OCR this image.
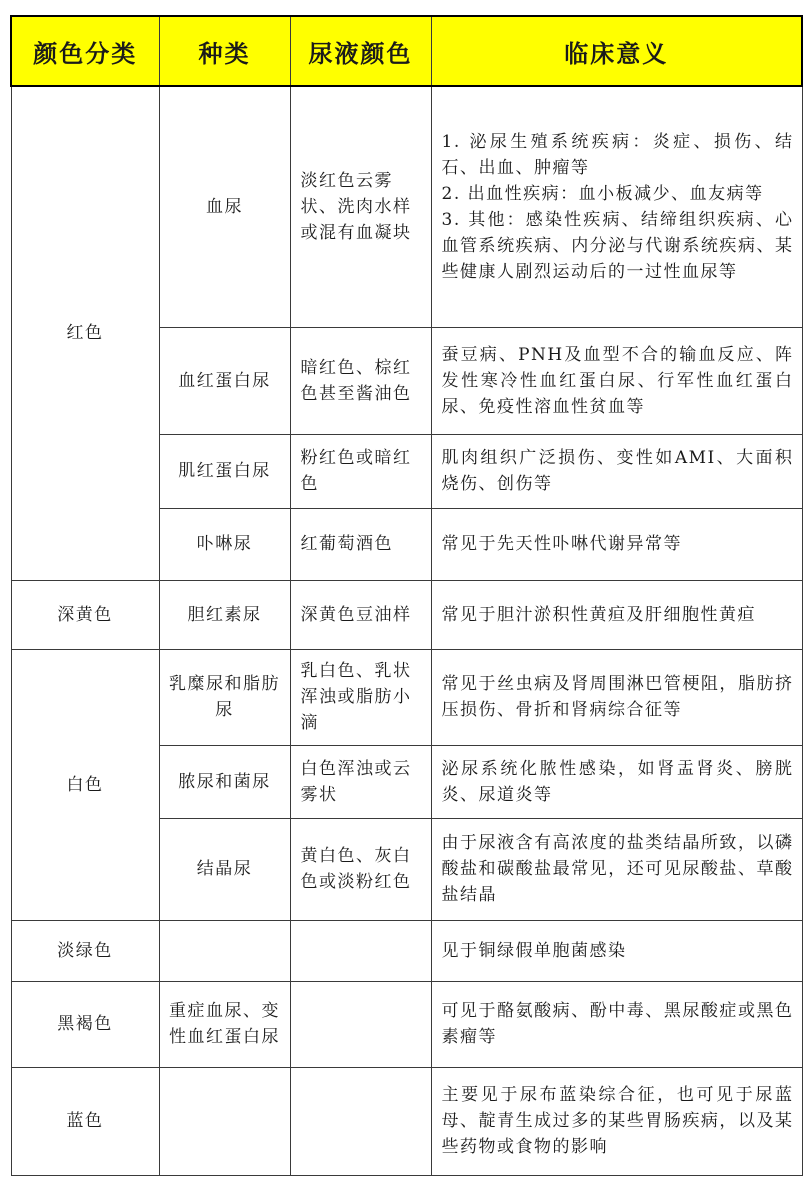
颜色分类	种类	尿液颜色	临床意义
红色	血尿	淡红色云雾状、洗肉水样或混有血凝块	1. 泌尿生殖系统疾病：炎症、损伤、结石、出血、肿瘤等
2. 出血性疾病：血小板减少、血友病等
3. 其他：感染性疾病、结缔组织疾病、心血管系统疾病、内分泌与代谢系统疾病、某些健康人剧烈运动后的一过性血尿等

	血红蛋白尿	暗红色、棕红色甚至酱油色	蚕豆病、PNH及血型不合的输血反应、阵发性寒冷性血红蛋白尿、行军性血红蛋白尿、免疫性溶血性贫血等
	肌红蛋白尿	粉红色或暗红色	肌肉组织广泛损伤、变性如AMI、大面积烧伤、创伤等
	卟啉尿	红葡萄酒色	常见于先天性卟啉代谢异常等
深黄色	胆红素尿	深黄色豆油样	常见于胆汁淤积性黄疸及肝细胞性黄疸
白色	乳糜尿和脂肪尿	乳白色、乳状浑浊或脂肪小滴	常见于丝虫病及肾周围淋巴管梗阻，脂肪挤压损伤、骨折和肾病综合征等
	脓尿和菌尿	白色浑浊或云雾状	泌尿系统化脓性感染，如肾盂肾炎、膀胱炎、尿道炎等
	结晶尿	黄白色、灰白色或淡粉红色	由于尿液含有高浓度的盐类结晶所致，以磷酸盐和碳酸盐最常见，还可见尿酸盐、草酸盐结晶
淡绿色			见于铜绿假单胞菌感染
黑褐色	重症血尿、变性血红蛋白尿		可见于酪氨酸病、酚中毒、黑尿酸症或黑色素瘤等
蓝色			主要见于尿布蓝染综合征，也可见于尿蓝母、靛青生成过多的某些胃肠疾病，以及某些药物或食物的影响
